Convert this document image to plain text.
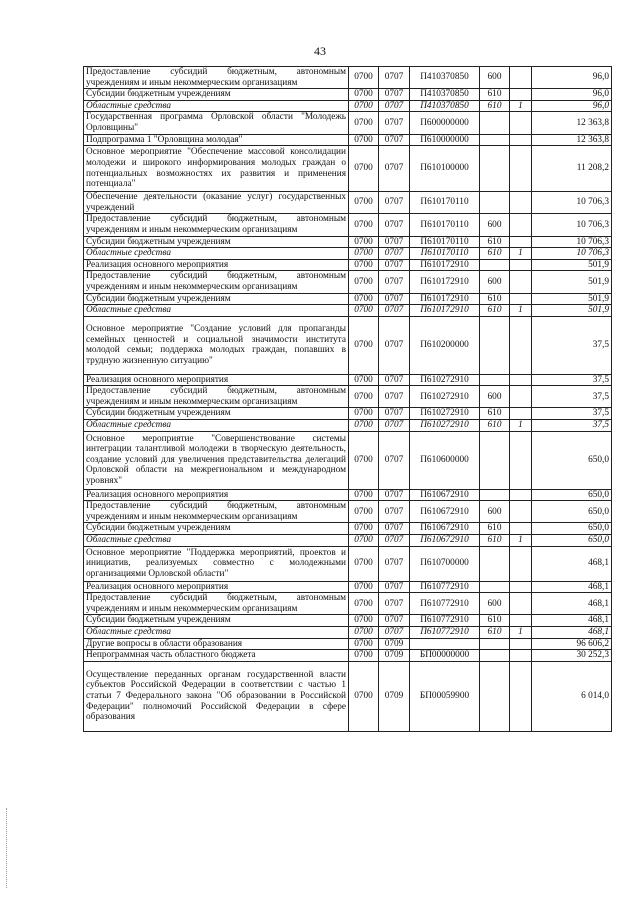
43
Предоставление субсидий бюджетным, автономным учреждениям и иным некоммерческим организациям	0700	0707	П410370850	600		96,0
Субсидии бюджетным учреждениям	0700	0707	П410370850	610		96,0
Областные средства	0700	0707	П410370850	610	1	96,0
Государственная программа Орловской области "Молодежь Орловщины"	0700	0707	П600000000			12 363,8
Подпрограмма 1 "Орловщина молодая"	0700	0707	П610000000			12 363,8
Основное мероприятие "Обеспечение массовой консолидации молодежи и широкого информирования молодых граждан о потенциальных возможностях их развития и применения потенциала"	0700	0707	П610100000			11 208,2
Обеспечение деятельности (оказание услуг) государственных учреждений	0700	0707	П610170110			10 706,3
Предоставление субсидий бюджетным, автономным учреждениям и иным некоммерческим организациям	0700	0707	П610170110	600		10 706,3
Субсидии бюджетным учреждениям	0700	0707	П610170110	610		10 706,3
Областные средства	0700	0707	П610170110	610	1	10 706,3
Реализация основного мероприятия	0700	0707	П610172910			501,9
Предоставление субсидий бюджетным, автономным учреждениям и иным некоммерческим организациям	0700	0707	П610172910	600		501,9
Субсидии бюджетным учреждениям	0700	0707	П610172910	610		501,9
Областные средства	0700	0707	П610172910	610	1	501,9
Основное мероприятие "Создание условий для пропаганды семейных ценностей и социальной значимости института молодой семьи; поддержка молодых граждан, попавших в трудную жизненную ситуацию"	0700	0707	П610200000			37,5
Реализация основного мероприятия	0700	0707	П610272910			37,5
Предоставление субсидий бюджетным, автономным учреждениям и иным некоммерческим организациям	0700	0707	П610272910	600		37,5
Субсидии бюджетным учреждениям	0700	0707	П610272910	610		37,5
Областные средства	0700	0707	П610272910	610	1	37,5
Основное мероприятие "Совершенствование системы интеграции талантливой молодежи в творческую деятельность, создание условий для увеличения представительства делегаций Орловской области на межрегиональном и международном уровнях"	0700	0707	П610600000			650,0
Реализация основного мероприятия	0700	0707	П610672910			650,0
Предоставление субсидий бюджетным, автономным учреждениям и иным некоммерческим организациям	0700	0707	П610672910	600		650,0
Субсидии бюджетным учреждениям	0700	0707	П610672910	610		650,0
Областные средства	0700	0707	П610672910	610	1	650,0
Основное мероприятие "Поддержка мероприятий, проектов и инициатив, реализуемых совместно с молодежными организациями Орловской области"	0700	0707	П610700000			468,1
Реализация основного мероприятия	0700	0707	П610772910			468,1
Предоставление субсидий бюджетным, автономным учреждениям и иным некоммерческим организациям	0700	0707	П610772910	600		468,1
Субсидии бюджетным учреждениям	0700	0707	П610772910	610		468,1
Областные средства	0700	0707	П610772910	610	1	468,1
Другие вопросы в области образования	0700	0709				96 606,2
Непрограммная часть областного бюджета	0700	0709	БП00000000			30 252,3
Осуществление переданных органам государственной власти субъектов Российской Федерации в соответствии с частью 1 статьи 7 Федерального закона "Об образовании в Российской Федерации" полномочий Российской Федерации в сфере образования	0700	0709	БП00059900			6 014,0
